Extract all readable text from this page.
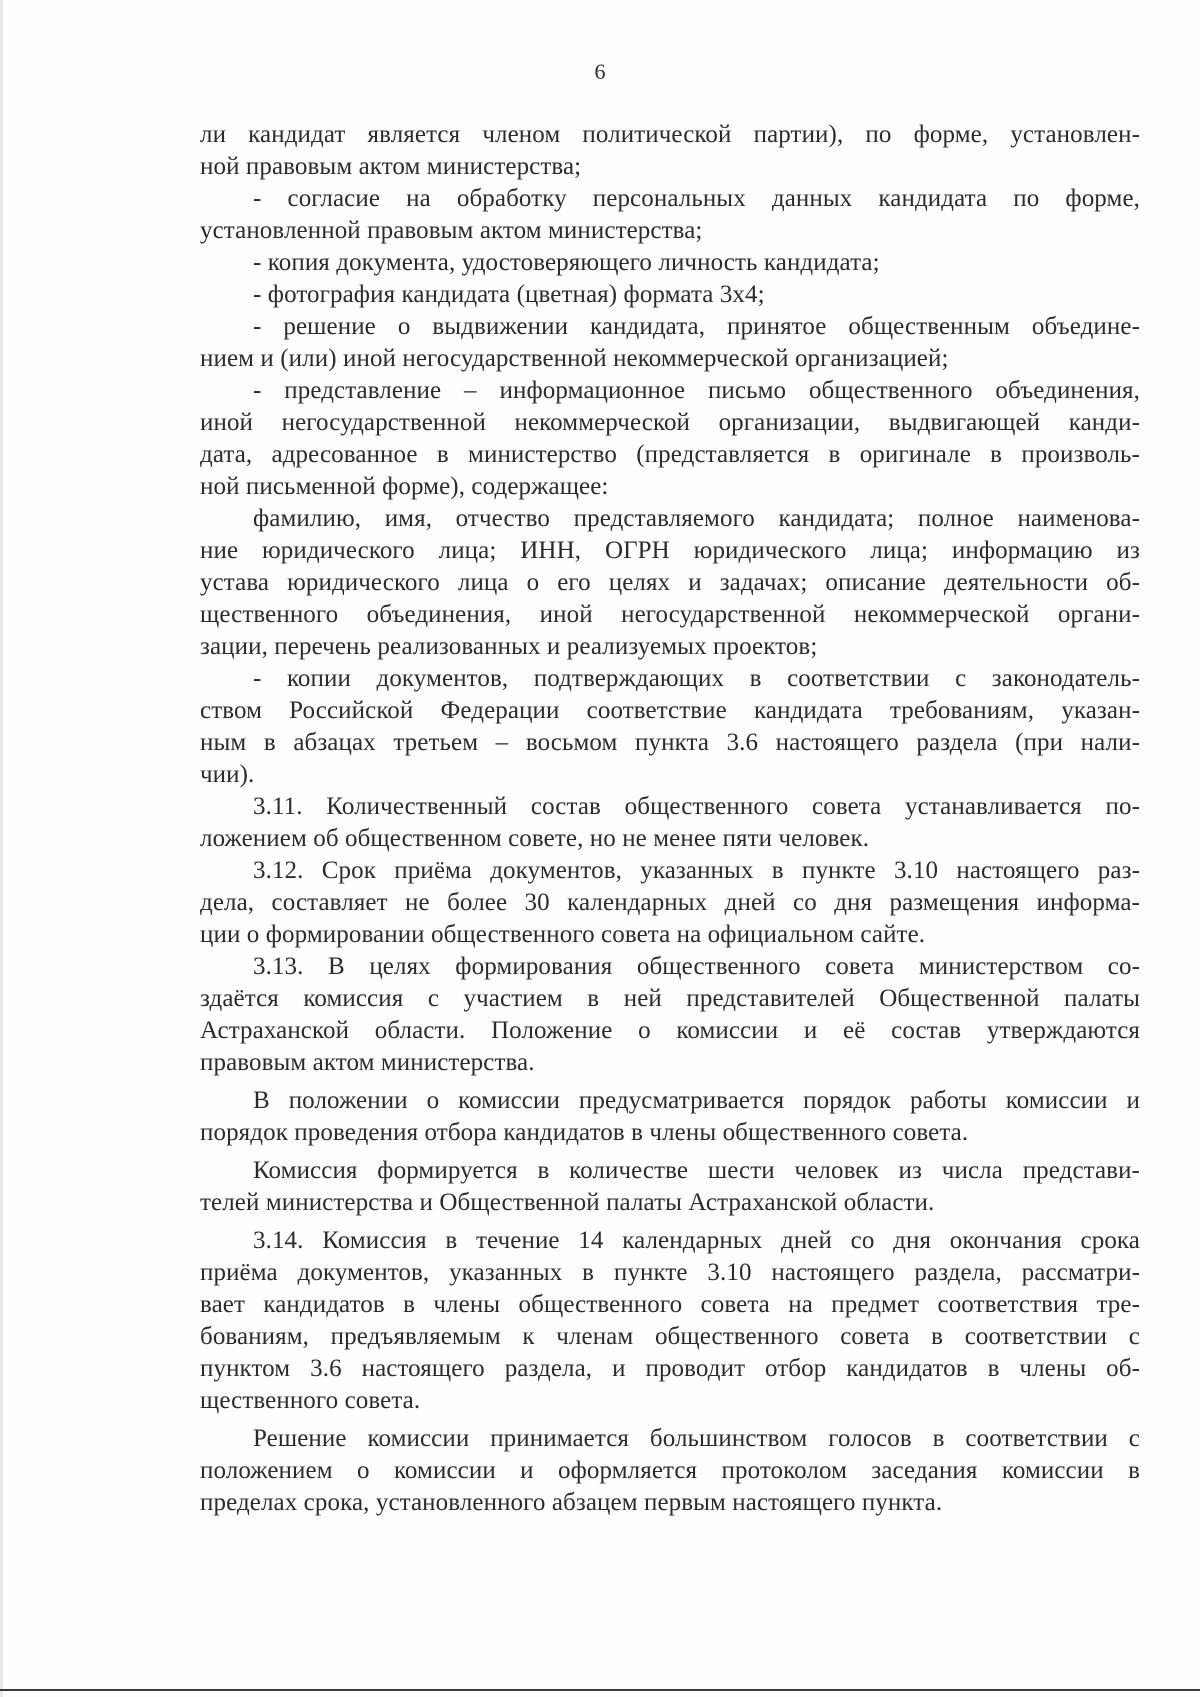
6
ли кандидат является членом политической партии), по форме, установлен-
ной правовым актом министерства;
- согласие на обработку персональных данных кандидата по форме,
установленной правовым актом министерства;
- копия документа, удостоверяющего личность кандидата;
- фотография кандидата (цветная) формата 3х4;
- решение о выдвижении кандидата, принятое общественным объедине-
нием и (или) иной негосударственной некоммерческой организацией;
- представление – информационное письмо общественного объединения,
иной негосударственной некоммерческой организации, выдвигающей канди-
дата, адресованное в министерство (представляется в оригинале в произволь-
ной письменной форме), содержащее:
фамилию, имя, отчество представляемого кандидата; полное наименова-
ние юридического лица; ИНН, ОГРН юридического лица; информацию из
устава юридического лица о его целях и задачах; описание деятельности об-
щественного объединения, иной негосударственной некоммерческой органи-
зации, перечень реализованных и реализуемых проектов;
- копии документов, подтверждающих в соответствии с законодатель-
ством Российской Федерации соответствие кандидата требованиям, указан-
ным в абзацах третьем – восьмом пункта 3.6 настоящего раздела (при нали-
чии).
3.11. Количественный состав общественного совета устанавливается по-
ложением об общественном совете, но не менее пяти человек.
3.12. Срок приёма документов, указанных в пункте 3.10 настоящего раз-
дела, составляет не более 30 календарных дней со дня размещения информа-
ции о формировании общественного совета на официальном сайте.
3.13. В целях формирования общественного совета министерством со-
здаётся комиссия с участием в ней представителей Общественной палаты
Астраханской области. Положение о комиссии и её состав утверждаются
правовым актом министерства.
В положении о комиссии предусматривается порядок работы комиссии и
порядок проведения отбора кандидатов в члены общественного совета.
Комиссия формируется в количестве шести человек из числа представи-
телей министерства и Общественной палаты Астраханской области.
3.14. Комиссия в течение 14 календарных дней со дня окончания срока
приёма документов, указанных в пункте 3.10 настоящего раздела, рассматри-
вает кандидатов в члены общественного совета на предмет соответствия тре-
бованиям, предъявляемым к членам общественного совета в соответствии с
пунктом 3.6 настоящего раздела, и проводит отбор кандидатов в члены об-
щественного совета.
Решение комиссии принимается большинством голосов в соответствии с
положением о комиссии и оформляется протоколом заседания комиссии в
пределах срока, установленного абзацем первым настоящего пункта.
